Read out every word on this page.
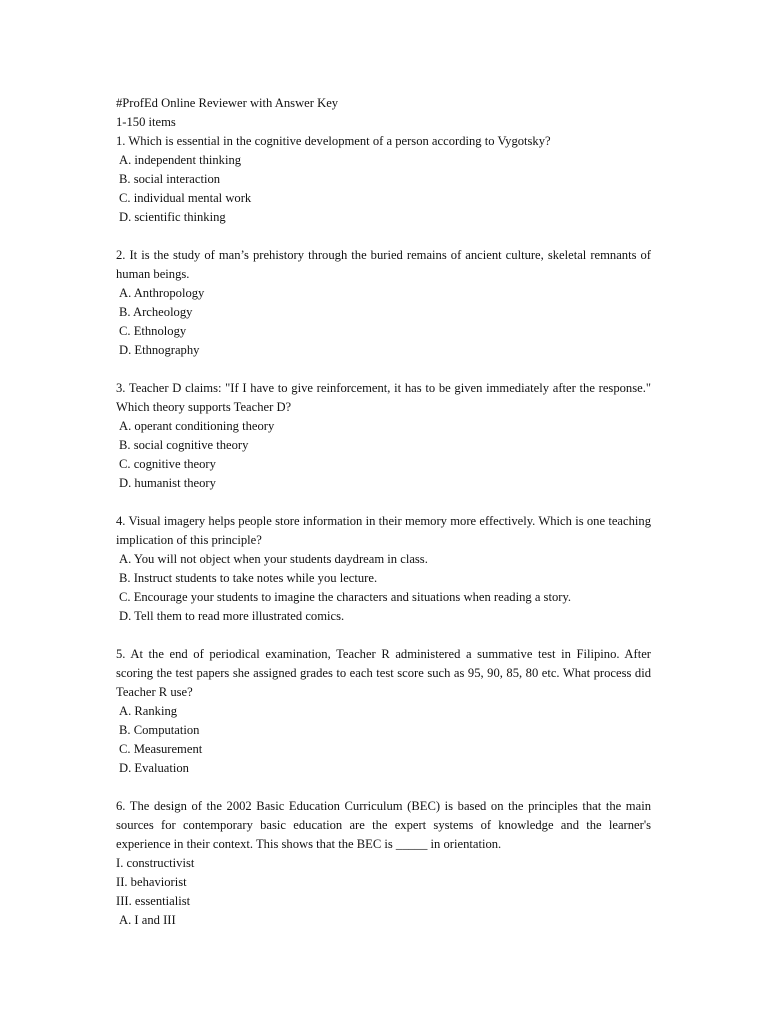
#ProfEd Online Reviewer with Answer Key
1-150 items
1. Which is essential in the cognitive development of a person according to Vygotsky?
A. independent thinking
B. social interaction
C. individual mental work
D. scientific thinking
2. It is the study of man’s prehistory through the buried remains of ancient culture, skeletal remnants of human beings.
A. Anthropology
B. Archeology
C. Ethnology
D. Ethnography
3. Teacher D claims: "If I have to give reinforcement, it has to be given immediately after the response." Which theory supports Teacher D?
A. operant conditioning theory
B. social cognitive theory
C. cognitive theory
D. humanist theory
4. Visual imagery helps people store information in their memory more effectively. Which is one teaching implication of this principle?
A. You will not object when your students daydream in class.
B. Instruct students to take notes while you lecture.
C. Encourage your students to imagine the characters and situations when reading a story.
D. Tell them to read more illustrated comics.
5. At the end of periodical examination, Teacher R administered a summative test in Filipino. After scoring the test papers she assigned grades to each test score such as 95, 90, 85, 80 etc. What process did Teacher R use?
A. Ranking
B. Computation
C. Measurement
D. Evaluation
6. The design of the 2002 Basic Education Curriculum (BEC) is based on the principles that the main sources for contemporary basic education are the expert systems of knowledge and the learner's experience in their context. This shows that the BEC is _____ in orientation.
I. constructivist
II. behaviorist
III. essentialist
A. I and III
